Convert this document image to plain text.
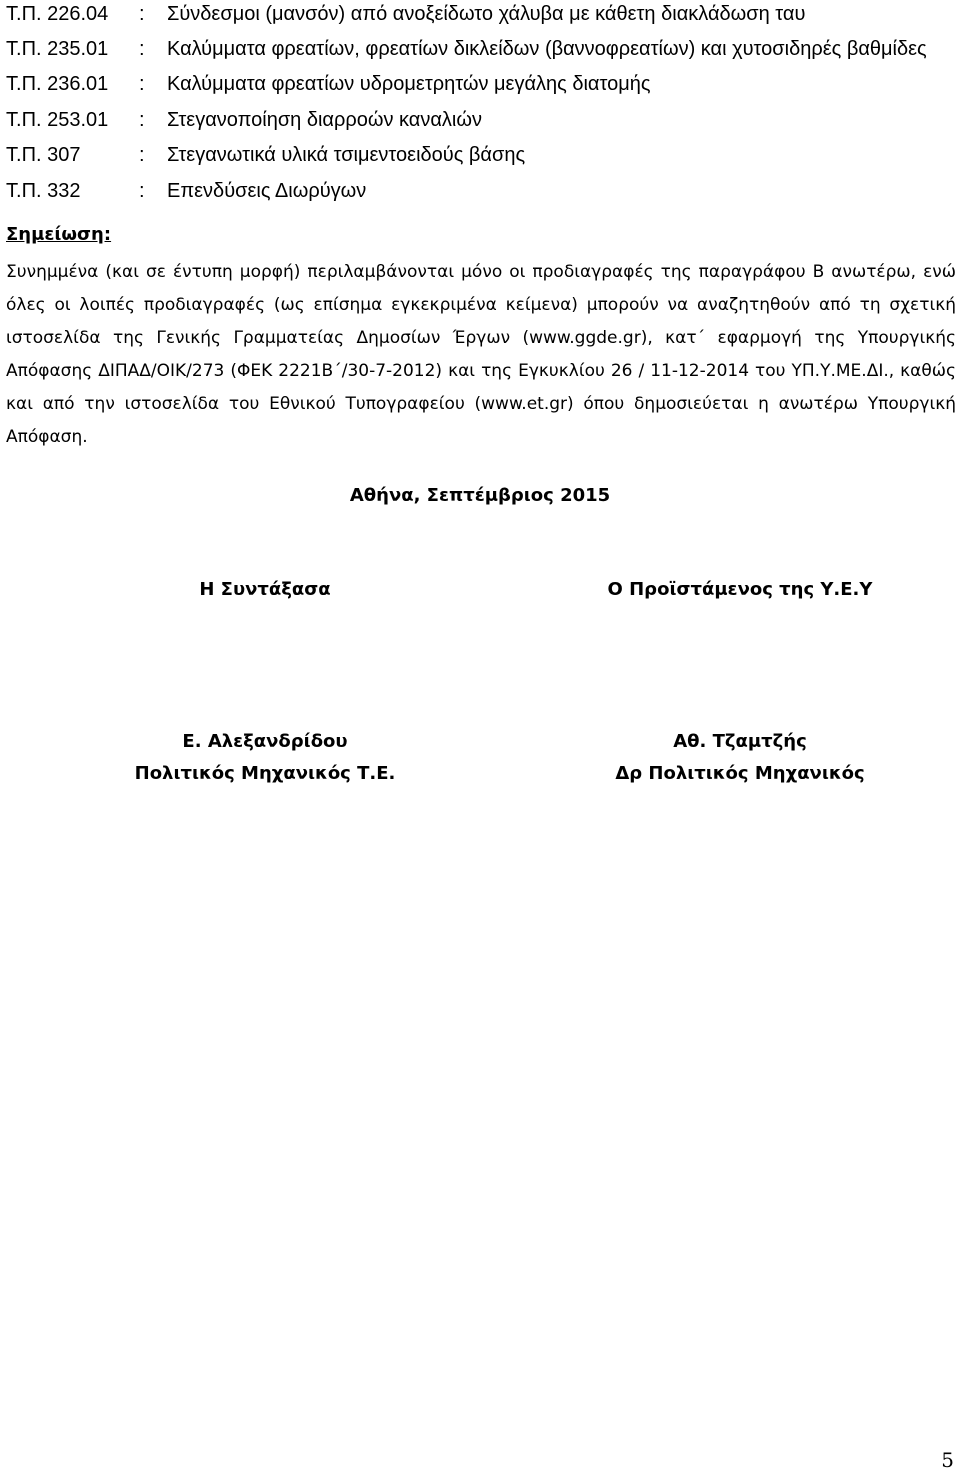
Τ.Π. 226.04 : Σύνδεσμοι (μανσόν) από ανοξείδωτο χάλυβα με κάθετη διακλάδωση ταυ
Τ.Π. 235.01 : Καλύμματα φρεατίων, φρεατίων δικλείδων (βαννοφρεατίων) και χυτοσιδηρές βαθμίδες
Τ.Π. 236.01 : Καλύμματα φρεατίων υδρομετρητών μεγάλης διατομής
Τ.Π. 253.01 : Στεγανοποίηση διαρροών καναλιών
Τ.Π. 307	: Στεγανωτικά υλικά τσιμεντοειδούς βάσης
Τ.Π. 332	: Επενδύσεις Διωρύγων
Σημείωση:

Συνημμένα (και σε έντυπη μορφή) περιλαμβάνονται μόνο οι προδιαγραφές της παραγράφου Β ανωτέρω, ενώ όλες οι λοιπές προδιαγραφές (ως επίσημα εγκεκριμένα κείμενα) μπορούν να αναζητηθούν από τη σχετική ιστοσελίδα της Γενικής Γραμματείας Δημοσίων Έργων (www.ggde.gr), κατ΄ εφαρμογή της Υπουργικής Απόφασης ΔΙΠΑΔ/ΟΙΚ/273 (ΦΕΚ 2221Β΄/30-7-2012) και της Εγκυκλίου 26 / 11-12-2014 του ΥΠ.Υ.ΜΕ.ΔΙ., καθώς και από την ιστοσελίδα του Εθνικού Τυπογραφείου (www.et.gr) όπου δημοσιεύεται η ανωτέρω Υπουργική Απόφαση.

Αθήνα, Σεπτέμβριος 2015
Η Συντάξασα	Ο Προϊστάμενος της Υ.Ε.Υ
Ε. Αλεξανδρίδου	Αθ. Τζαμτζής
Πολιτικός Μηχανικός Τ.Ε.	Δρ Πολιτικός Μηχανικός
5
